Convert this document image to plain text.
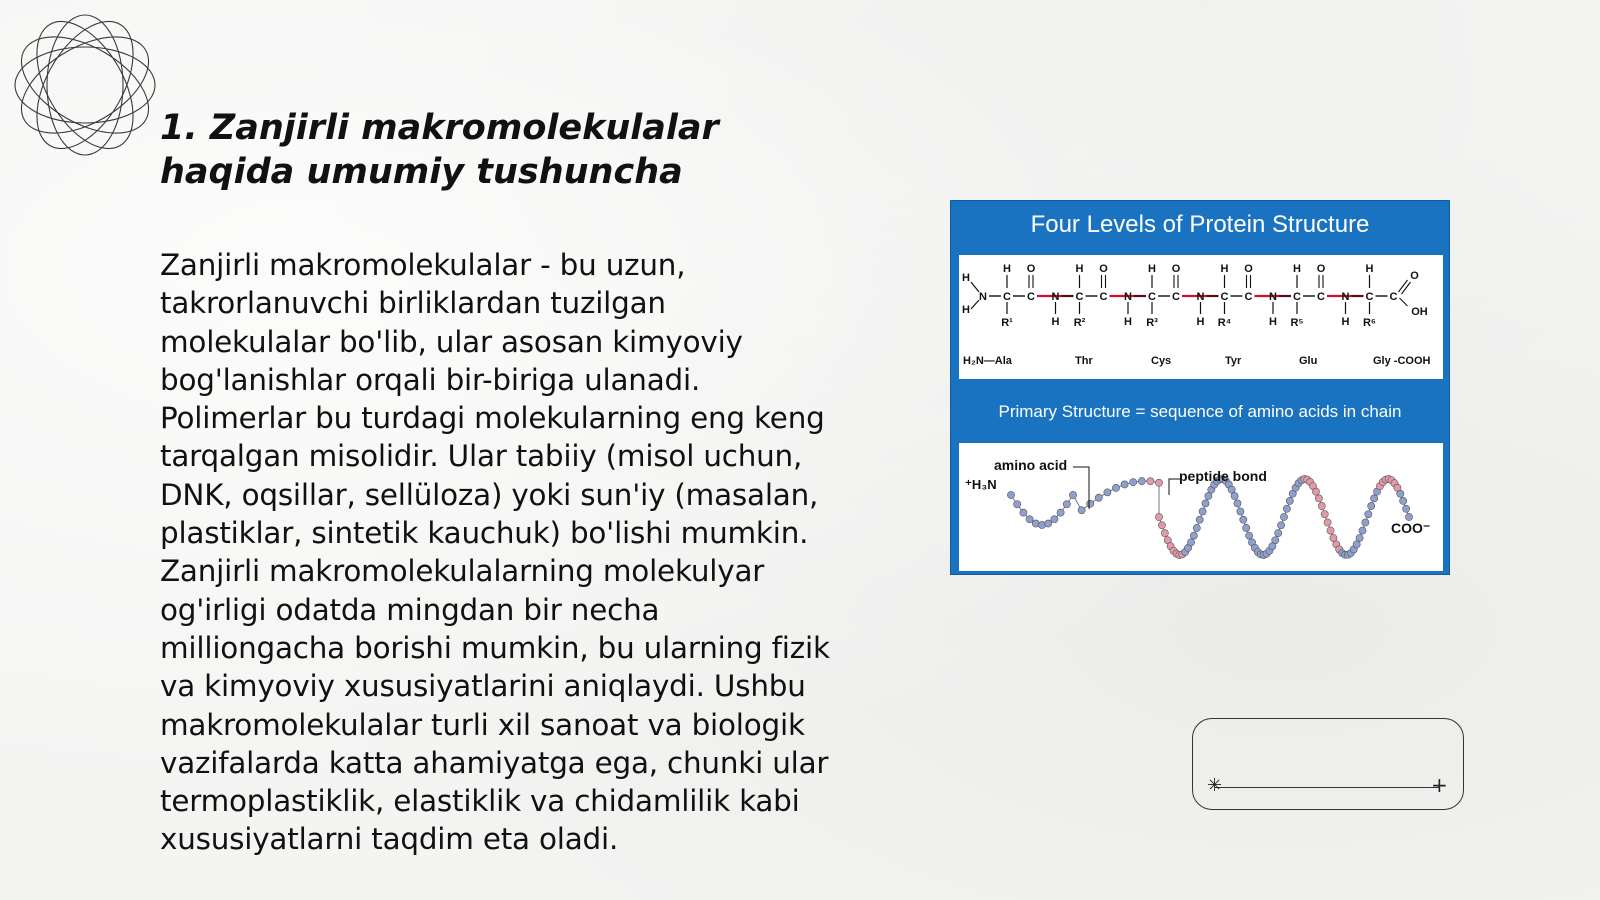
1. Zanjirli makromolekulalar haqida umumiy tushuncha

Zanjirli makromolekulalar - bu uzun, takrorlanuvchi birliklardan tuzilgan molekulalar bo'lib, ular asosan kimyoviy bog'lanishlar orqali bir-biriga ulanadi. Polimerlar bu turdagi molekularning eng keng tarqalgan misolidir. Ular tabiiy (misol uchun, DNK, oqsillar, sellüloza) yoki sun'iy (masalan, plastiklar, sintetik kauchuk) bo'lishi mumkin. Zanjirli makromolekulalarning molekulyar og'irligi odatda mingdan bir necha milliongacha borishi mumkin, bu ularning fizik va kimyoviy xususiyatlarini aniqlaydi. Ushbu makromolekulalar turli xil sanoat va biologik vazifalarda katta ahamiyatga ega, chunki ular termoplastiklik, elastiklik va chidamlilik kabi xususiyatlarni taqdim eta oladi.

Four Levels of Protein Structure
H
H
N C
H
R¹
C
O
H
N C
H
R²
C
O
H
N C
H
R³
C
O
H
N C
H
R⁴
C
O
H
N C
H
R⁵
C
O
H
N C
H
R⁶
C
O
OH
H₂N—Ala	Thr	Cys	Tyr	Glu	Gly -COOH
Primary Structure = sequence of amino acids in chain
amino acid
peptide bond
⁺H₃N
COO⁻
✳	+
